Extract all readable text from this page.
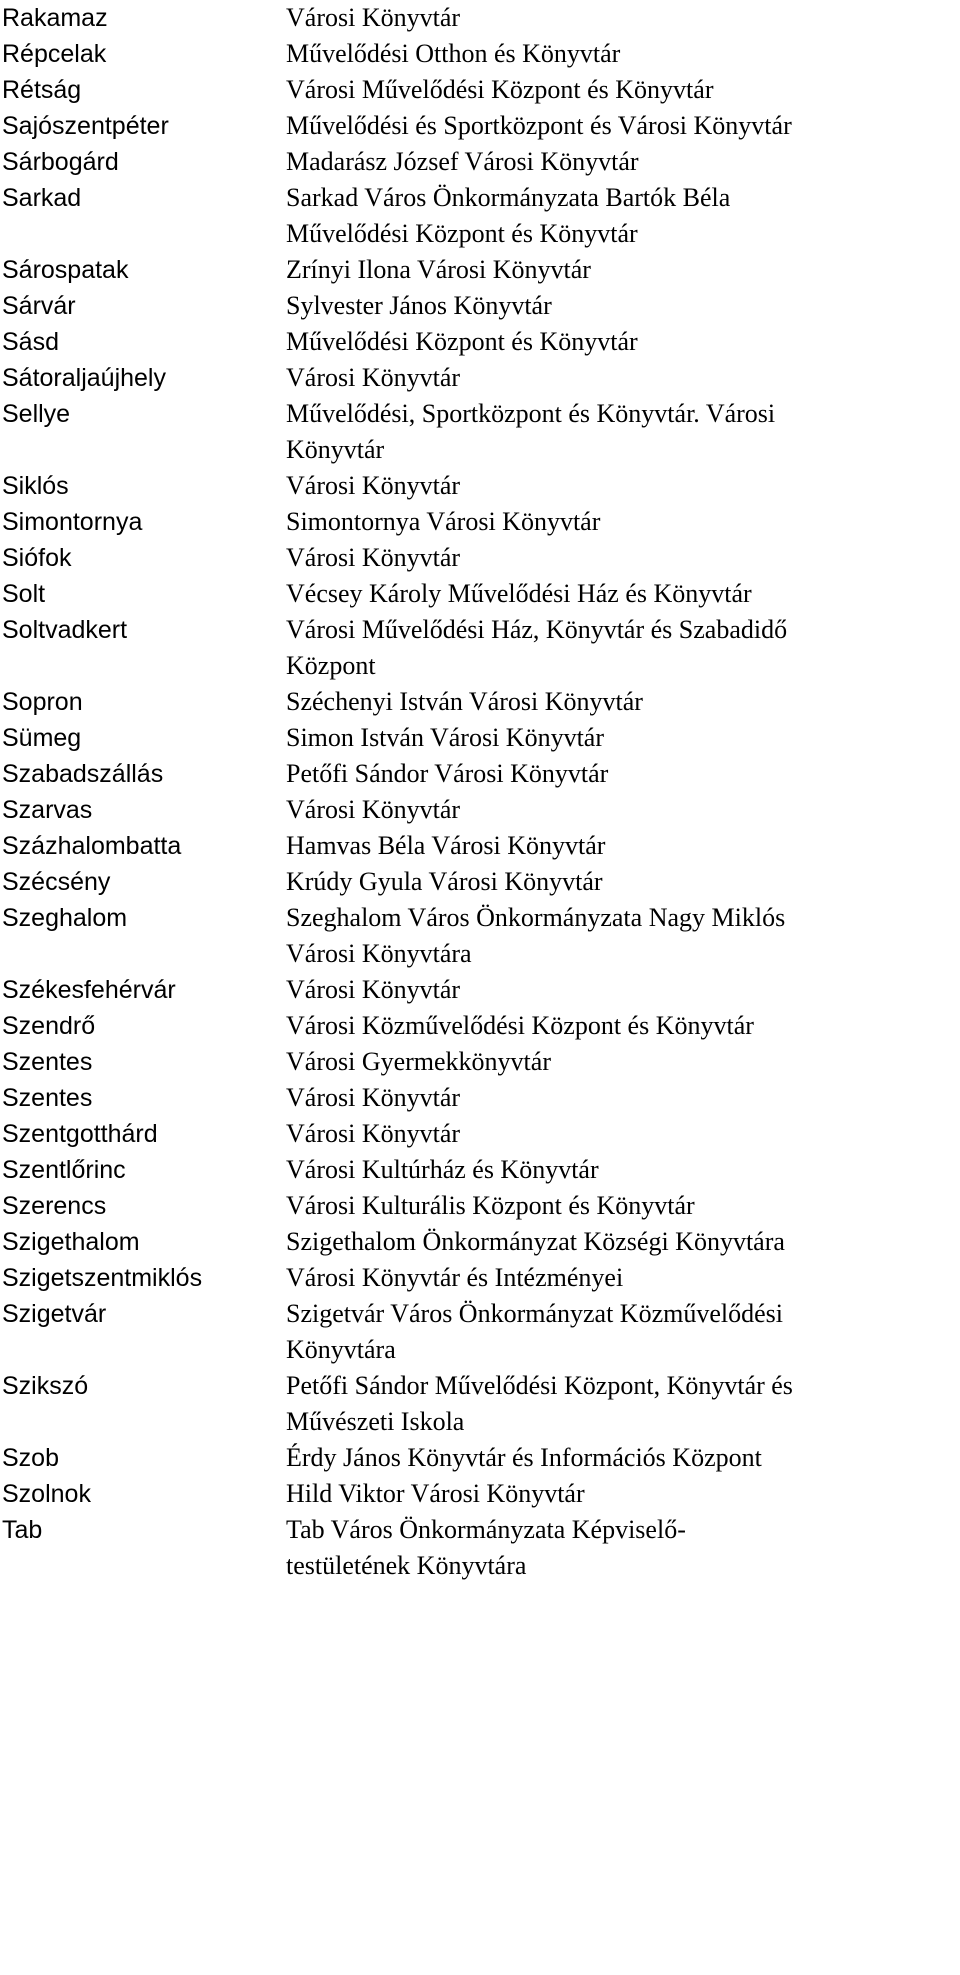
Rakamaz	Városi Könyvtár
Répcelak	Művelődési Otthon és Könyvtár
Rétság	Városi Művelődési Központ és Könyvtár
Sajószentpéter	Művelődési és Sportközpont és Városi Könyvtár
Sárbogárd	Madarász József Városi Könyvtár
Sarkad	Sarkad Város Önkormányzata Bartók Béla
Művelődési Központ és Könyvtár
Sárospatak	Zrínyi Ilona Városi Könyvtár
Sárvár	Sylvester János Könyvtár
Sásd	Művelődési Központ és Könyvtár
Sátoraljaújhely	Városi Könyvtár
Sellye	Művelődési, Sportközpont és Könyvtár. Városi
Könyvtár
Siklós	Városi Könyvtár
Simontornya	Simontornya Városi Könyvtár
Siófok	Városi Könyvtár
Solt	Vécsey Károly Művelődési Ház és Könyvtár
Soltvadkert	Városi Művelődési Ház, Könyvtár és Szabadidő
Központ
Sopron	Széchenyi István Városi Könyvtár
Sümeg	Simon István Városi Könyvtár
Szabadszállás	Petőfi Sándor Városi Könyvtár
Szarvas	Városi Könyvtár
Százhalombatta	Hamvas Béla Városi Könyvtár
Szécsény	Krúdy Gyula Városi Könyvtár
Szeghalom	Szeghalom Város Önkormányzata Nagy Miklós
Városi Könyvtára
Székesfehérvár	Városi Könyvtár
Szendrő	Városi Közművelődési Központ és Könyvtár
Szentes	Városi Gyermekkönyvtár
Szentes	Városi Könyvtár
Szentgotthárd	Városi Könyvtár
Szentlőrinc	Városi Kultúrház és Könyvtár
Szerencs	Városi Kulturális Központ és Könyvtár
Szigethalom	Szigethalom Önkormányzat Községi Könyvtára
Szigetszentmiklós	Városi Könyvtár és Intézményei
Szigetvár	Szigetvár Város Önkormányzat Közművelődési
Könyvtára
Szikszó	Petőfi Sándor Művelődési Központ, Könyvtár és
Művészeti Iskola
Szob	Érdy János Könyvtár és Információs Központ
Szolnok	Hild Viktor Városi Könyvtár
Tab	Tab Város Önkormányzata Képviselő-
testületének Könyvtára
